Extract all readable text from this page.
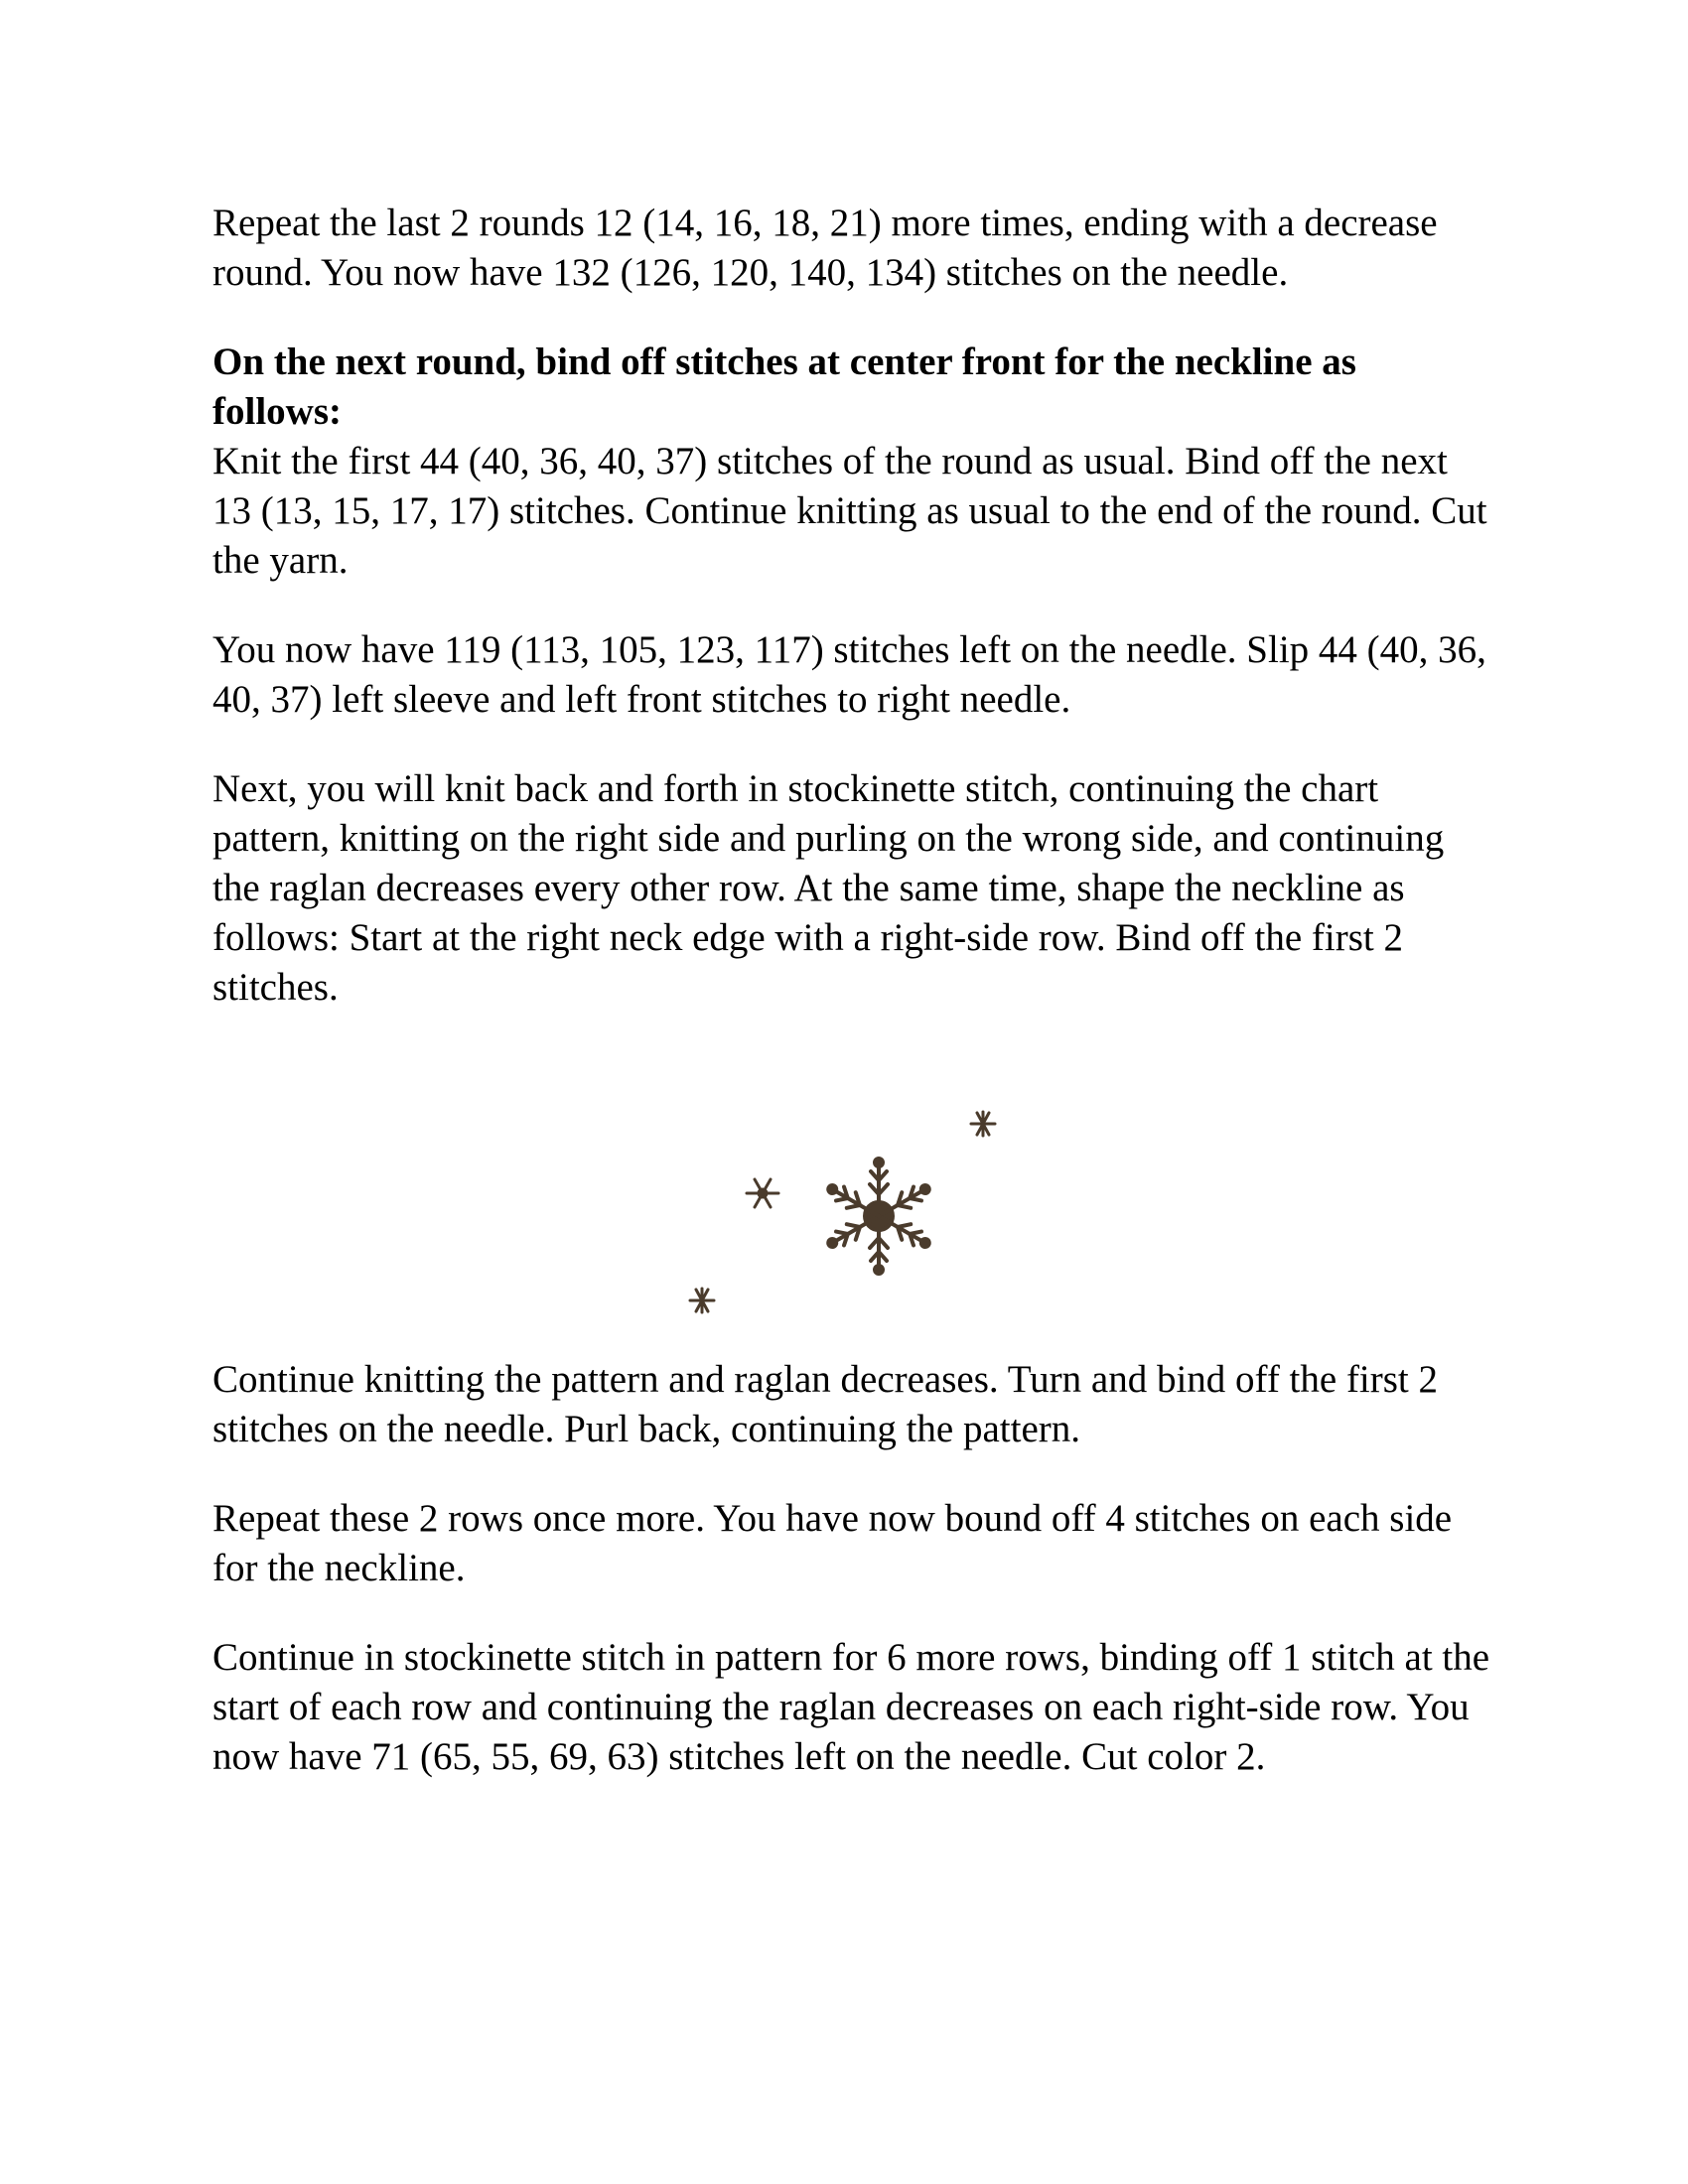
Repeat the last 2 rounds 12 (14, 16, 18, 21) more times, ending with a decrease round. You now have 132 (126, 120, 140, 134) stitches on the needle.

On the next round, bind off stitches at center front for the neckline as follows:

Knit the first 44 (40, 36, 40, 37) stitches of the round as usual. Bind off the next 13 (13, 15, 17, 17) stitches. Continue knitting as usual to the end of the round. Cut the yarn.

You now have 119 (113, 105, 123, 117) stitches left on the needle. Slip 44 (40, 36, 40, 37) left sleeve and left front stitches to right needle.

Next, you will knit back and forth in stockinette stitch, continuing the chart pattern, knitting on the right side and purling on the wrong side, and continuing the raglan decreases every other row. At the same time, shape the neckline as follows: Start at the right neck edge with a right-side row. Bind off the first 2 stitches.

Continue knitting the pattern and raglan decreases. Turn and bind off the first 2 stitches on the needle. Purl back, continuing the pattern.

Repeat these 2 rows once more. You have now bound off 4 stitches on each side for the neckline.

Continue in stockinette stitch in pattern for 6 more rows, binding off 1 stitch at the start of each row and continuing the raglan decreases on each right-side row. You now have 71 (65, 55, 69, 63) stitches left on the needle. Cut color 2.
